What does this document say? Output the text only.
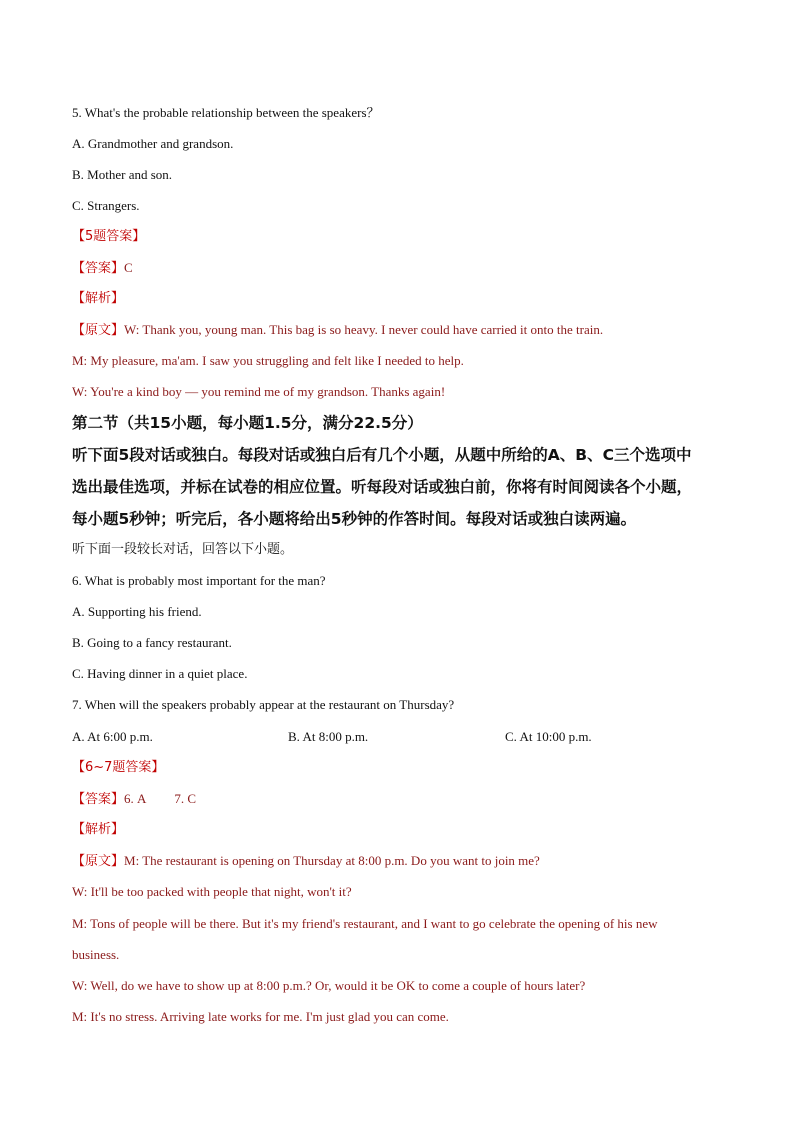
5. What's the probable relationship between the speakers？
A. Grandmother and grandson.
B. Mother and son.
C. Strangers.
【5题答案】
【答案】C
【解析】
【原文】W: Thank you, young man. This bag is so heavy. I never could have carried it onto the train.
M: My pleasure, ma'am. I saw you struggling and felt like I needed to help.
W: You're a kind boy — you remind me of my grandson. Thanks again!
第二节（共15小题，每小题1.5分，满分22.5分）
听下面5段对话或独白。每段对话或独白后有几个小题，从题中所给的A、B、C三个选项中
选出最佳选项，并标在试卷的相应位置。听每段对话或独白前，你将有时间阅读各个小题，
每小题5秒钟；听完后，各小题将给出5秒钟的作答时间。每段对话或独白读两遍。
听下面一段较长对话，回答以下小题。
6. What is probably most important for the man?
A. Supporting his friend.
B. Going to a fancy restaurant.
C. Having dinner in a quiet place.
7. When will the speakers probably appear at the restaurant on Thursday?
A. At 6:00 p.m.	B. At 8:00 p.m.	C. At 10:00 p.m.
【6~7题答案】
【答案】6. A 7. C
【解析】
【原文】M: The restaurant is opening on Thursday at 8:00 p.m. Do you want to join me?
W: It'll be too packed with people that night, won't it?
M: Tons of people will be there. But it's my friend's restaurant, and I want to go celebrate the opening of his new
business.
W: Well, do we have to show up at 8:00 p.m.? Or, would it be OK to come a couple of hours later?
M: It's no stress. Arriving late works for me. I'm just glad you can come.
